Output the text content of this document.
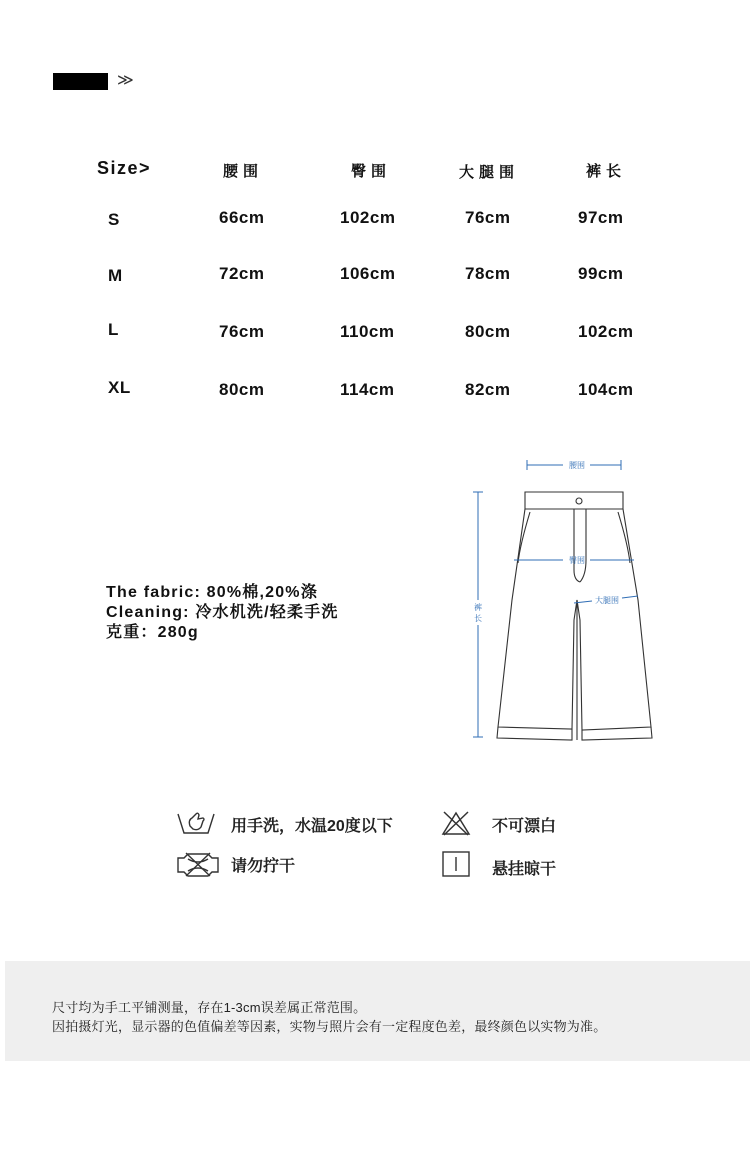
≫
Size>	腰围	臀围	大腿围	裤长
S	66cm	102cm	76cm	97cm
M	72cm	106cm	78cm	99cm
L	76cm	110cm	80cm	102cm
XL	80cm	114cm	82cm	104cm
The fabric: 80%棉,20%涤
Cleaning: 冷水机洗/轻柔手洗
克重：280g
腰围
臀围
大腿围
裤
长
用手洗，水温20度以下	不可漂白
请勿拧干	悬挂晾干
尺寸均为手工平铺测量，存在1-3cm误差属正常范围。
因拍摄灯光，显示器的色值偏差等因素，实物与照片会有一定程度色差，最终颜色以实物为准。
